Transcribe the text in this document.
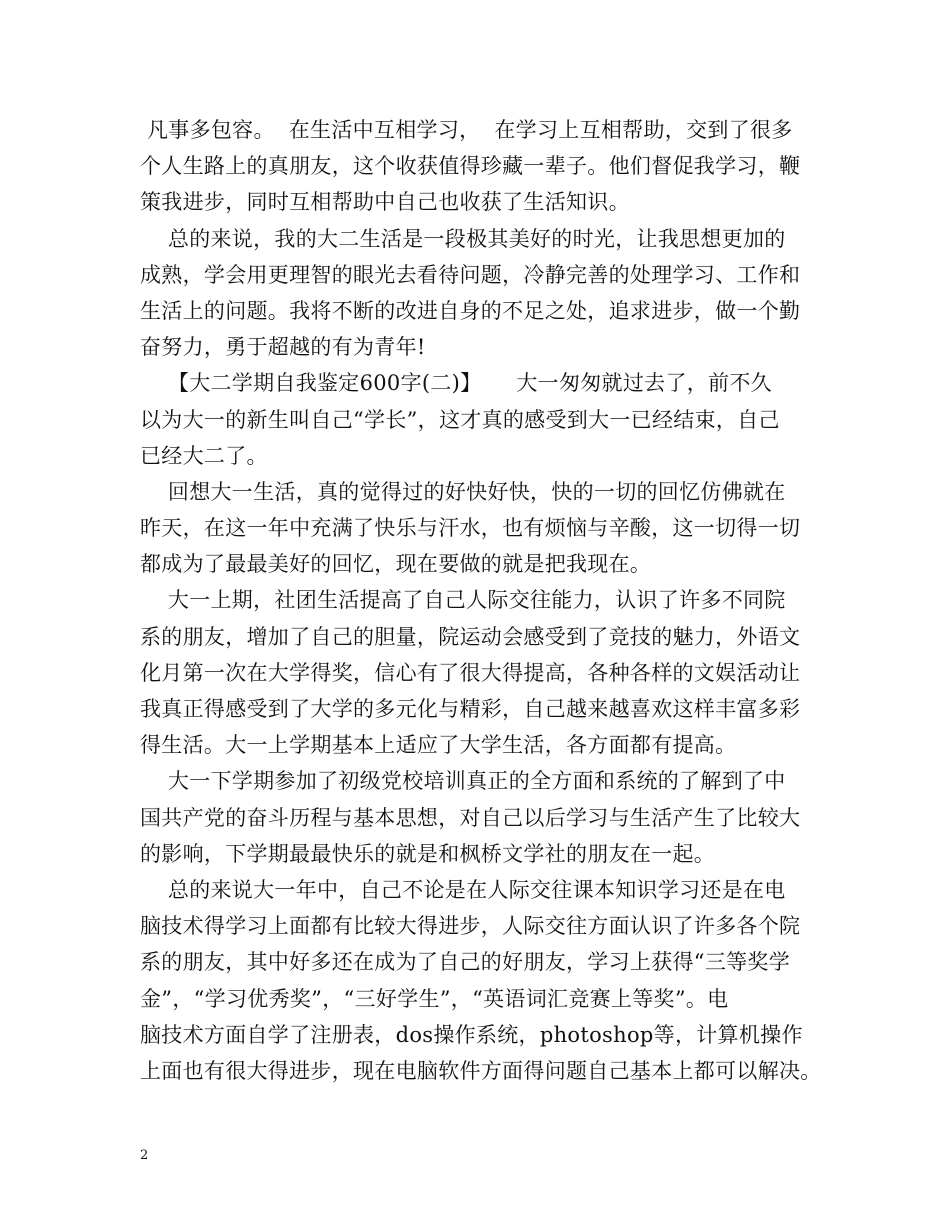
凡事多包容。  在生活中互相学习，  在学习上互相帮助，交到了很多
个人生路上的真朋友，这个收获值得珍藏一辈子。他们督促我学习，鞭
策我进步，同时互相帮助中自己也收获了生活知识。
总的来说，我的大二生活是一段极其美好的时光，让我思想更加的
成熟，学会用更理智的眼光去看待问题，冷静完善的处理学习、工作和
生活上的问题。我将不断的改进自身的不足之处，追求进步，做一个勤
奋努力，勇于超越的有为青年!
【大二学期自我鉴定600字(二)】     大一匆匆就过去了，前不久
以为大一的新生叫自己“学长”，这才真的感受到大一已经结束，自己
已经大二了。
回想大一生活，真的觉得过的好快好快，快的一切的回忆仿佛就在
昨天，在这一年中充满了快乐与汗水，也有烦恼与辛酸，这一切得一切
都成为了最最美好的回忆，现在要做的就是把我现在。
大一上期，社团生活提高了自己人际交往能力，认识了许多不同院
系的朋友，增加了自己的胆量，院运动会感受到了竞技的魅力，外语文
化月第一次在大学得奖，信心有了很大得提高，各种各样的文娱活动让
我真正得感受到了大学的多元化与精彩，自己越来越喜欢这样丰富多彩
得生活。大一上学期基本上适应了大学生活，各方面都有提高。
大一下学期参加了初级党校培训真正的全方面和系统的了解到了中
国共产党的奋斗历程与基本思想，对自己以后学习与生活产生了比较大
的影响，下学期最最快乐的就是和枫桥文学社的朋友在一起。
总的来说大一年中，自己不论是在人际交往课本知识学习还是在电
脑技术得学习上面都有比较大得进步，人际交往方面认识了许多各个院
系的朋友，其中好多还在成为了自己的好朋友，学习上获得“三等奖学
金”，“学习优秀奖”，“三好学生”，“英语词汇竞赛上等奖”。电
脑技术方面自学了注册表，dos操作系统，photoshop等，计算机操作
上面也有很大得进步，现在电脑软件方面得问题自己基本上都可以解决。
2
